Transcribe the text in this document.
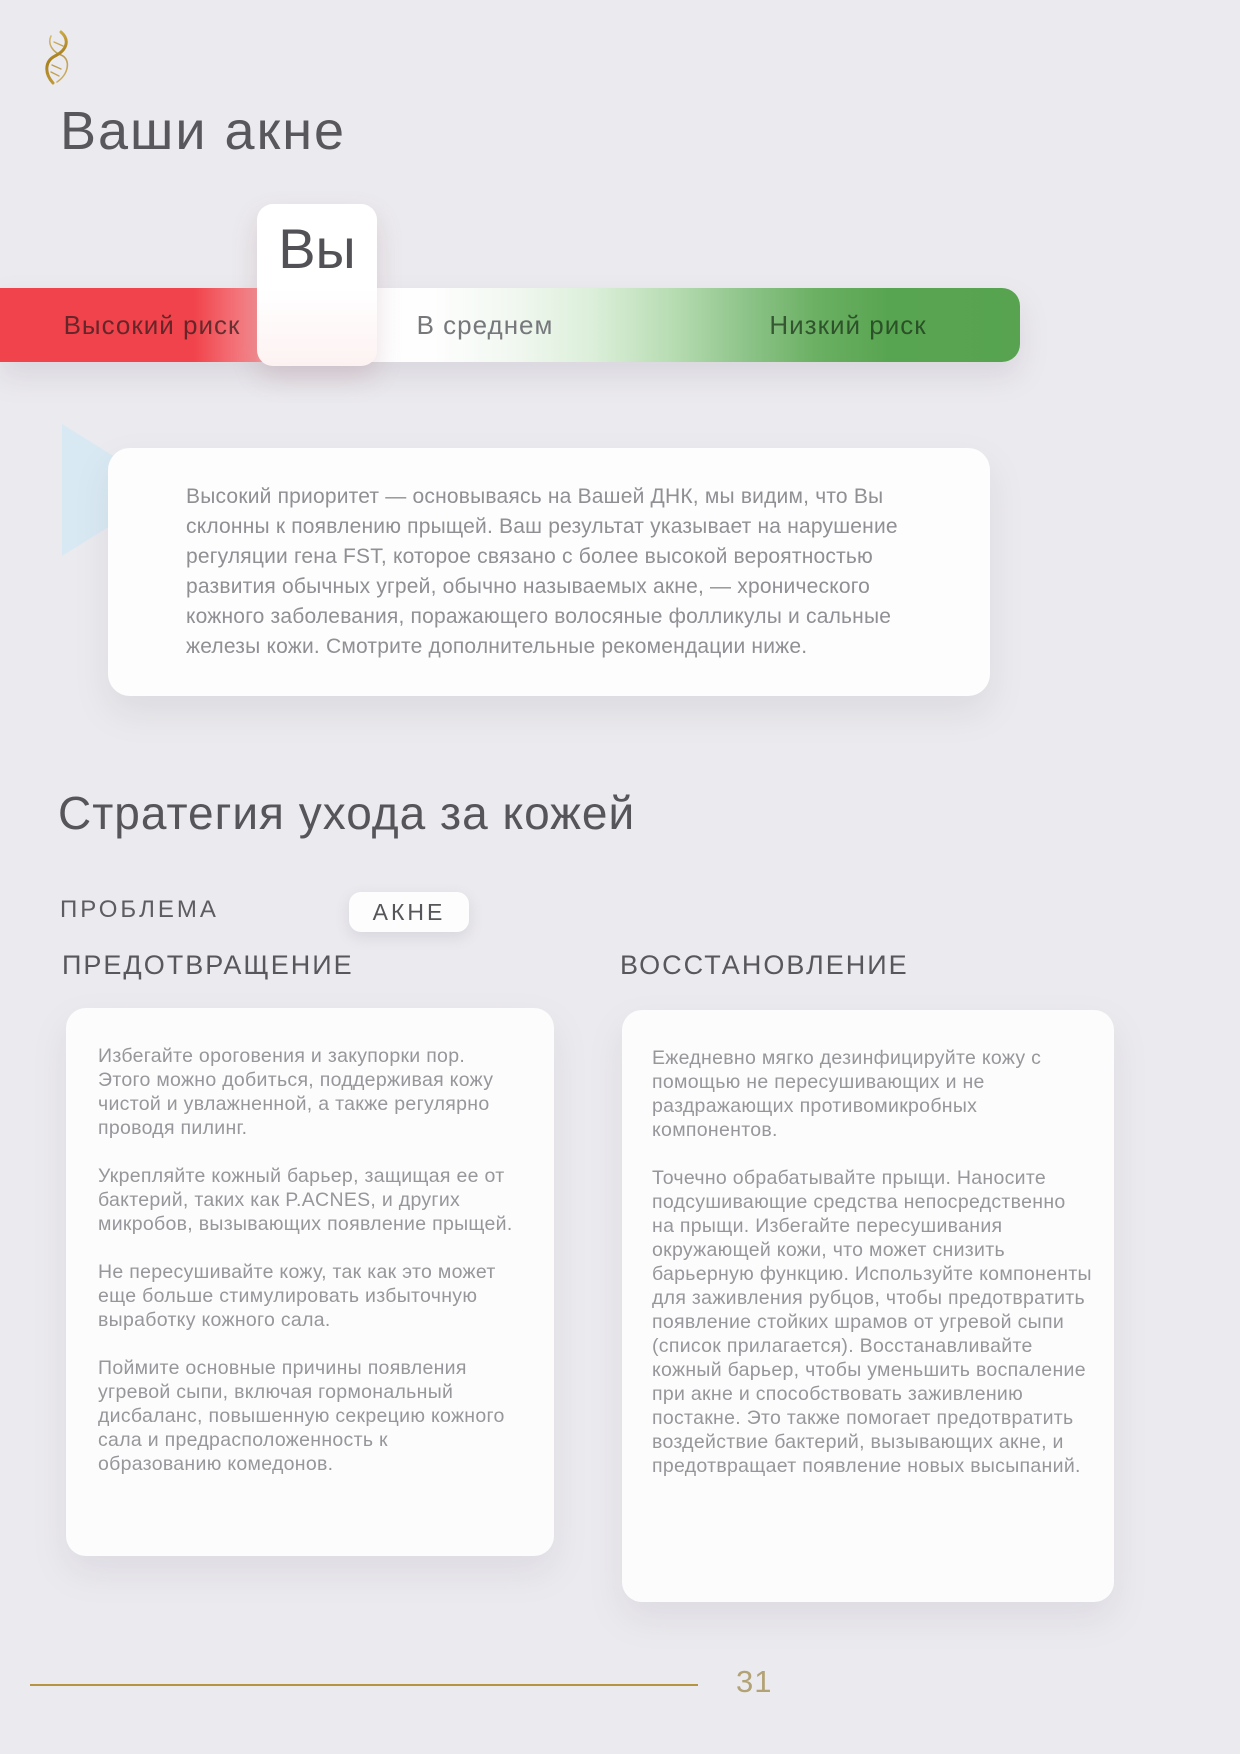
Ваши акне
Высокий риск	В среднем	Низкий риск
Вы

Высокий приоритет — основываясь на Вашей ДНК, мы видим, что Вы склонны к появлению прыщей. Ваш результат указывает на нарушение регуляции гена FST, которое связано с более высокой вероятностью развития обычных угрей, обычно называемых акне, — хронического кожного заболевания, поражающего волосяные фолликулы и сальные железы кожи. Смотрите дополнительные рекомендации ниже.

Стратегия ухода за кожей
ПРОБЛЕМА	АКНЕ
ПРЕДОТВРАЩЕНИЕ	ВОССТАНОВЛЕНИЕ

Избегайте ороговения и закупорки пор. Этого можно добиться, поддерживая кожу чистой и увлажненной, а также регулярно проводя пилинг.

Укрепляйте кожный барьер, защищая ее от бактерий, таких как P.ACNES, и других микробов, вызывающих появление прыщей.

Не пересушивайте кожу, так как это может еще больше стимулировать избыточную выработку кожного сала.

Поймите основные причины появления угревой сыпи, включая гормональный дисбаланс, повышенную секрецию кожного сала и предрасположенность к образованию комедонов.

Ежедневно мягко дезинфицируйте кожу с помощью не пересушивающих и не раздражающих противомикробных компонентов.

Точечно обрабатывайте прыщи. Наносите подсушивающие средства непосредственно на прыщи. Избегайте пересушивания окружающей кожи, что может снизить барьерную функцию. Используйте компоненты для заживления рубцов, чтобы предотвратить появление стойких шрамов от угревой сыпи (список прилагается). Восстанавливайте кожный барьер, чтобы уменьшить воспаление при акне и способствовать заживлению постакне. Это также помогает предотвратить воздействие бактерий, вызывающих акне, и предотвращает появление новых высыпаний.

31
